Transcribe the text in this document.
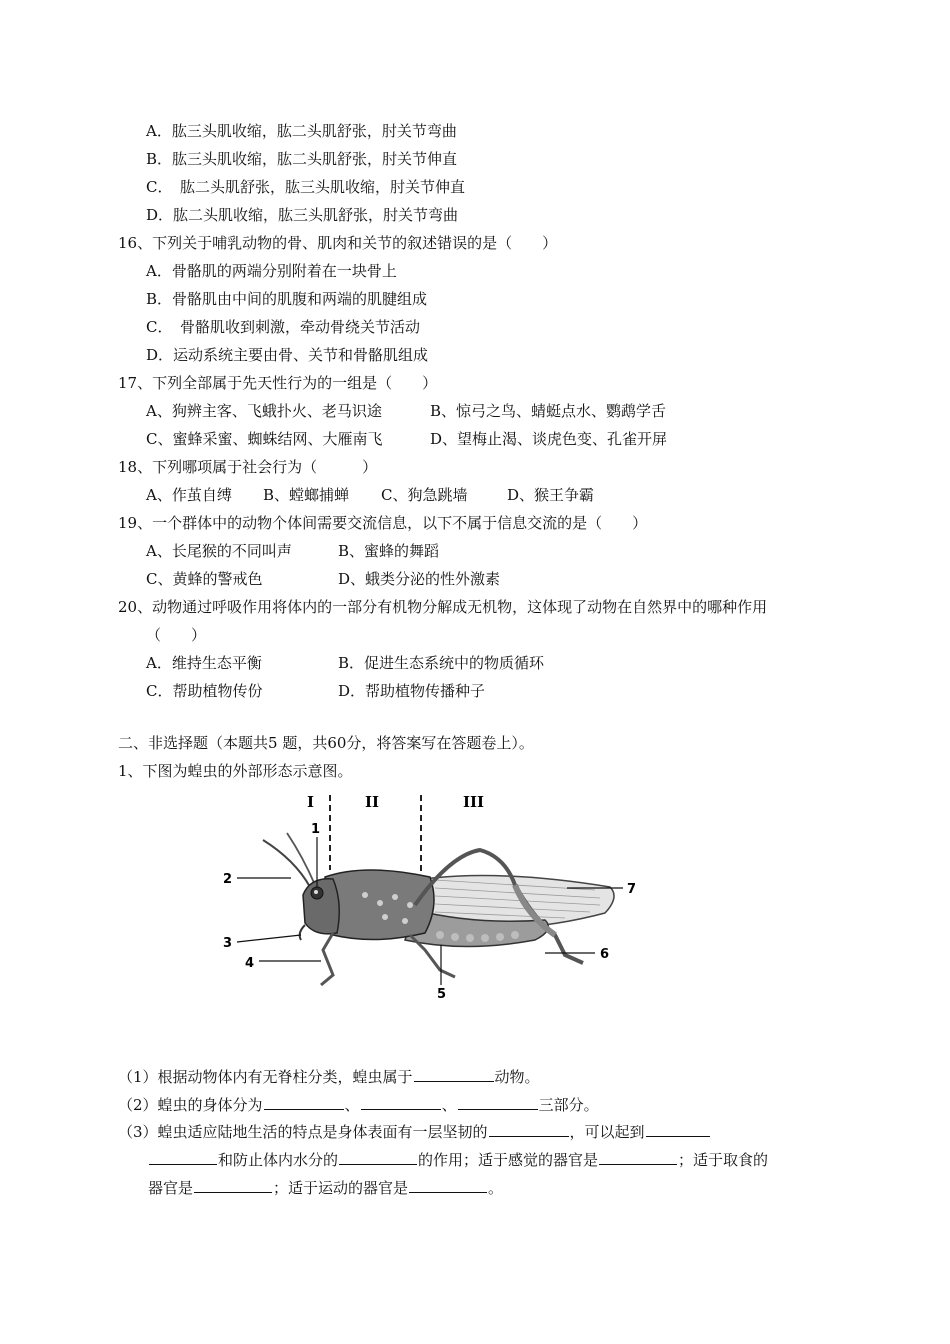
A．肱三头肌收缩，肱二头肌舒张，肘关节弯曲
B．肱三头肌收缩，肱二头肌舒张，肘关节伸直
C．　肱二头肌舒张，肱三头肌收缩，肘关节伸直
D．肱二头肌收缩，肱三头肌舒张，肘关节弯曲
16、下列关于哺乳动物的骨、肌肉和关节的叙述错误的是（　　）
A．骨骼肌的两端分别附着在一块骨上
B．骨骼肌由中间的肌腹和两端的肌腱组成
C．　骨骼肌收到刺激，牵动骨绕关节活动
D．运动系统主要由骨、关节和骨骼肌组成
17、下列全部属于先天性行为的一组是（　　）
A、狗辨主客、飞蛾扑火、老马识途	B、惊弓之鸟、蜻蜓点水、鹦鹉学舌
C、蜜蜂采蜜、蜘蛛结网、大雁南飞	D、望梅止渴、谈虎色变、孔雀开屏
18、下列哪项属于社会行为（　　　）
A、作茧自缚 B、螳螂捕蝉 C、狗急跳墙	D、猴王争霸
19、一个群体中的动物个体间需要交流信息，以下不属于信息交流的是（　　）
A、长尾猴的不同叫声	B、蜜蜂的舞蹈
C、黄蜂的警戒色	D、蛾类分泌的性外激素
20、动物通过呼吸作用将体内的一部分有机物分解成无机物，这体现了动物在自然界中的哪种作用
（　　）
A．维持生态平衡	B．促进生态系统中的物质循环
C．帮助植物传份	D．帮助植物传播种子
二、非选择题（本题共5 题，共60分，将答案写在答题卷上）。
1、下图为蝗虫的外部形态示意图。
I	II	III
1
2
3
4
5
6
7
（1）根据动物体内有无脊柱分类，蝗虫属于	动物。
（2）蝗虫的身体分为	、	、	三部分。
（3）蝗虫适应陆地生活的特点是身体表面有一层坚韧的	，可以起到
和防止体内水分的	的作用；适于感觉的器官是	；适于取食的
器官是	；适于运动的器官是	。
